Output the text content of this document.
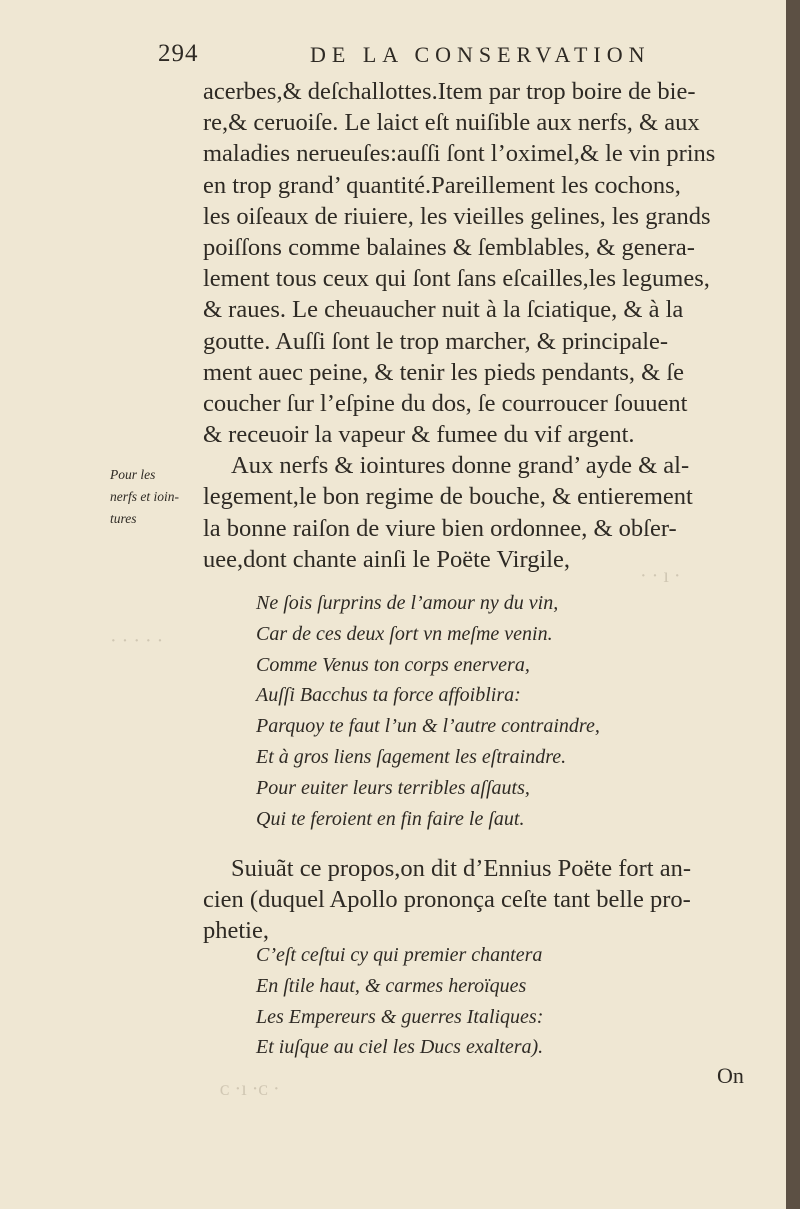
294	DE LA CONSERVATION
acerbes,& deſchallottes.Item par trop boire de bie-
re,& ceruoiſe. Le laict eſt nuiſible aux nerfs, & aux
maladies nerueuſes:auſſi ſont l’oximel,& le vin prins
en trop grand’ quantité.Pareillement les cochons,
les oiſeaux de riuiere, les vieilles gelines, les grands
poiſſons comme balaines & ſemblables, & genera-
lement tous ceux qui ſont ſans eſcailles,les legumes,
& raues. Le cheuaucher nuit à la ſciatique, & à la
goutte. Auſſi ſont le trop marcher, & principale-
ment auec peine, & tenir les pieds pendants, & ſe
coucher ſur l’eſpine du dos, ſe courroucer ſouuent
& receuoir la vapeur & fumee du vif argent.
Aux nerfs & iointures donne grand’ ayde & al-
legement,le bon regime de bouche, & entierement
la bonne raiſon de viure bien ordonnee, & obſer-
uee,dont chante ainſi le Poëte Virgile,
Pour les
nerfs et ioin-
tures
Ne ſois ſurprins de l’amour ny du vin,
Car de ces deux ſort vn meſme venin.
Comme Venus ton corps enervera,
Auſſi Bacchus ta force affoiblira:
Parquoy te faut l’un & l’autre contraindre,
Et à gros liens ſagement les eſtraindre.
Pour euiter leurs terribles aſſauts,
Qui te feroient en fin faire le ſaut.
Suiuãt ce propos,on dit d’Ennius Poëte fort an-
cien (duquel Apollo prononça ceſte tant belle pro-
phetie,
C’eſt ceſtui cy qui premier chantera
En ſtile haut, & carmes heroïques
Les Empereurs & guerres Italiques:
Et iuſque au ciel les Ducs exaltera).
On
· · ı ·
· · · · ·
ᴄ ·ı ·ᴄ ·
